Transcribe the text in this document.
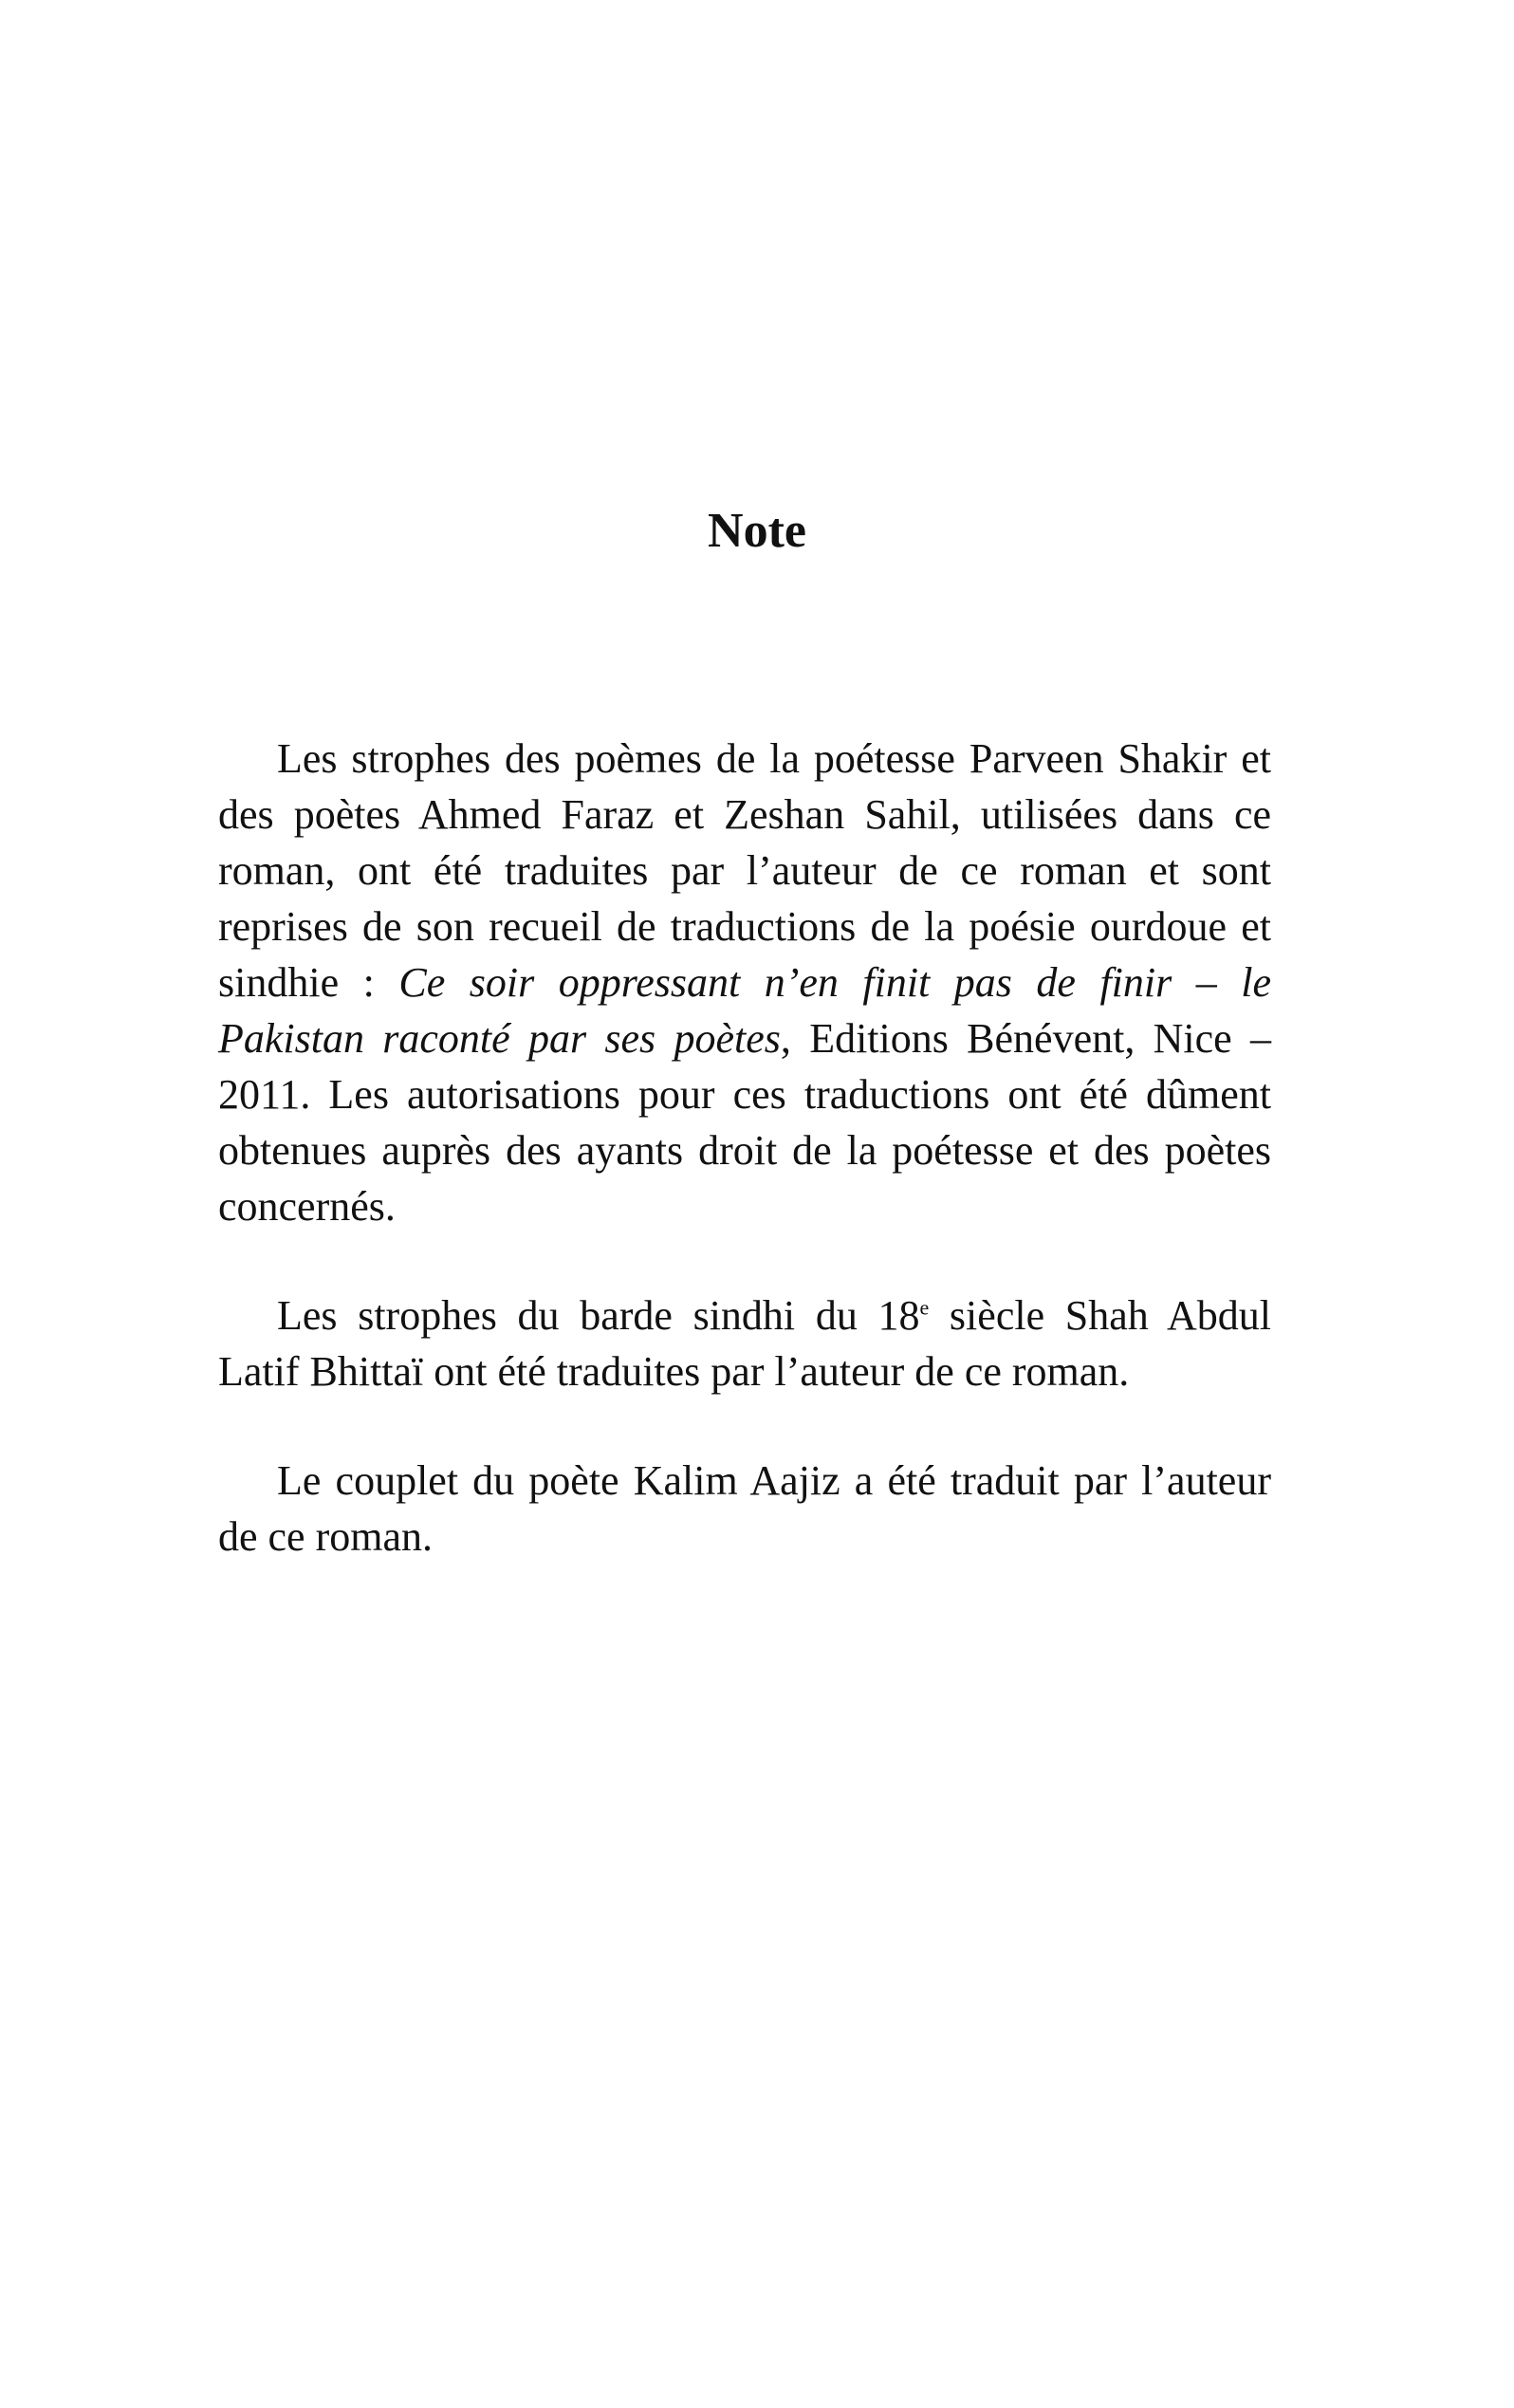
Note

Les strophes des poèmes de la poétesse Parveen Shakir et des poètes Ahmed Faraz et Zeshan Sahil, utilisées dans ce roman, ont été traduites par l’auteur de ce roman et sont reprises de son recueil de traductions de la poésie ourdoue et sindhie : Ce soir oppressant n’en finit pas de finir – le Pakistan raconté par ses poètes, Editions Bénévent, Nice – 2011. Les autorisations pour ces traductions ont été dûment obtenues auprès des ayants droit de la poétesse et des poètes concernés.

Les strophes du barde sindhi du 18e siècle Shah Abdul Latif Bhittaï ont été traduites par l’auteur de ce roman.

Le couplet du poète Kalim Aajiz a été traduit par l’auteur de ce roman.
